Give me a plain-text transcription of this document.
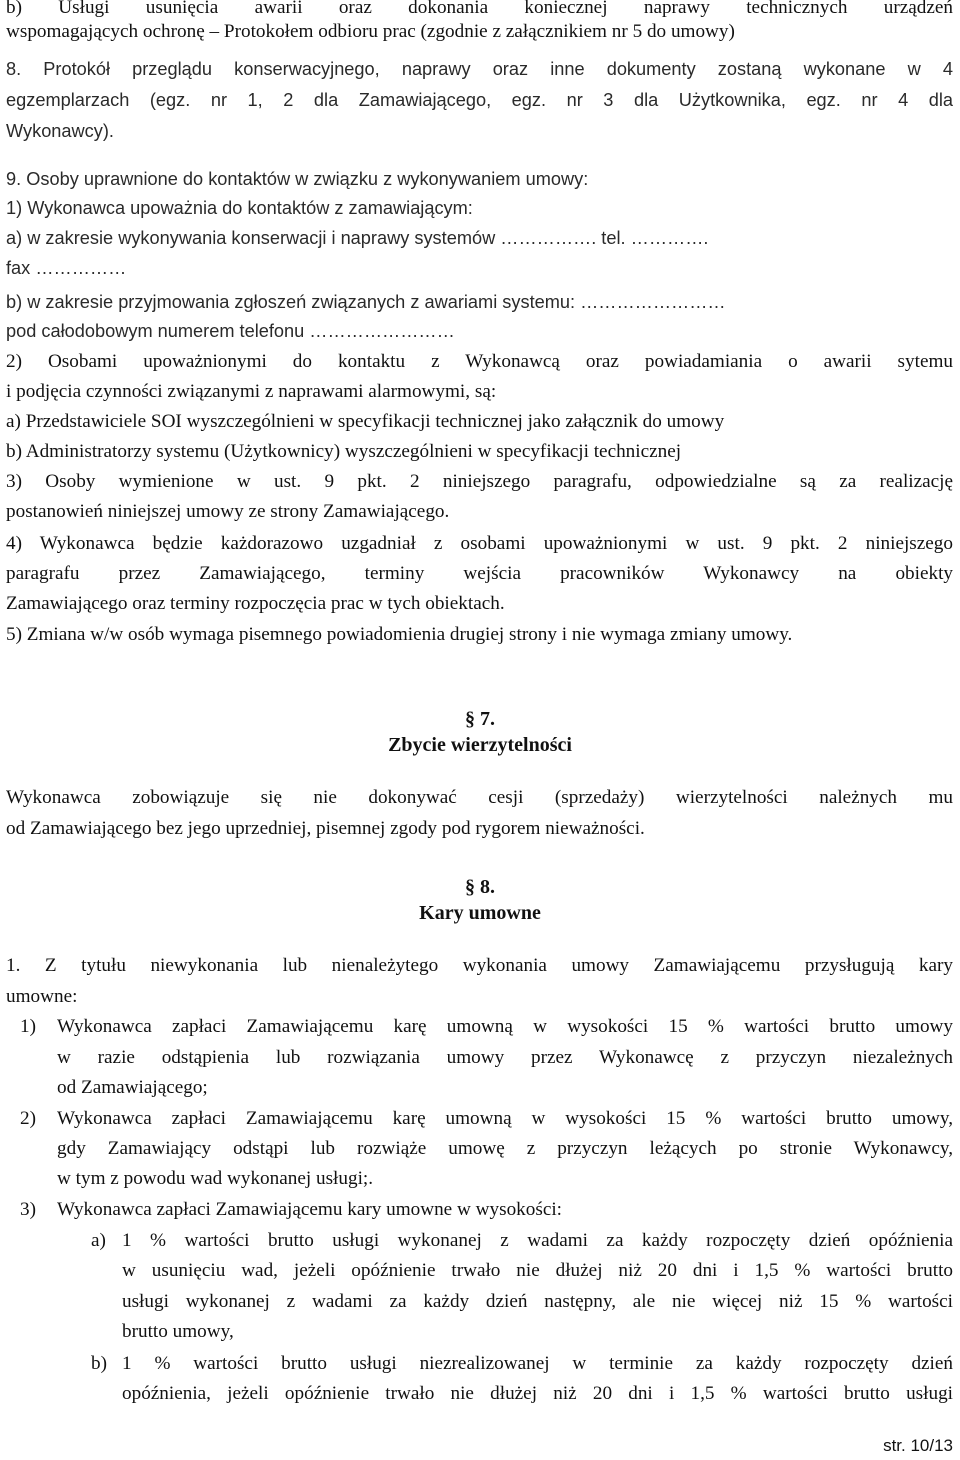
b) Usługi usunięcia awarii oraz dokonania koniecznej naprawy technicznych urządzeń
wspomagających ochronę – Protokołem odbioru prac (zgodnie z załącznikiem nr 5 do umowy)
8. Protokół przeglądu konserwacyjnego, naprawy oraz inne dokumenty zostaną wykonane w 4
egzemplarzach (egz. nr 1, 2 dla Zamawiającego, egz. nr 3 dla Użytkownika, egz. nr 4 dla
Wykonawcy).
9. Osoby uprawnione do kontaktów w związku z wykonywaniem umowy:
1) Wykonawca upoważnia do kontaktów z zamawiającym:
a) w zakresie wykonywania konserwacji i naprawy systemów ……………. tel. ………….
fax ……………
b) w zakresie przyjmowania zgłoszeń związanych z awariami systemu: ……………………
pod całodobowym numerem telefonu ……………………
2) Osobami upoważnionymi do kontaktu z Wykonawcą oraz powiadamiania o awarii sytemu
i podjęcia czynności związanymi z naprawami alarmowymi, są:
a) Przedstawiciele SOI wyszczególnieni w specyfikacji technicznej jako załącznik do umowy
b) Administratorzy systemu (Użytkownicy) wyszczególnieni w specyfikacji technicznej
3) Osoby wymienione w ust. 9 pkt. 2 niniejszego paragrafu, odpowiedzialne są za realizację
postanowień niniejszej umowy ze strony Zamawiającego.
4) Wykonawca będzie każdorazowo uzgadniał z osobami upoważnionymi w ust. 9 pkt. 2 niniejszego
paragrafu przez Zamawiającego, terminy wejścia pracowników Wykonawcy na obiekty
Zamawiającego oraz terminy rozpoczęcia prac w tych obiektach.
5) Zmiana w/w osób wymaga pisemnego powiadomienia drugiej strony i nie wymaga zmiany umowy.
§ 7.
Zbycie wierzytelności
Wykonawca zobowiązuje się nie dokonywać cesji (sprzedaży) wierzytelności należnych mu
od Zamawiającego bez jego uprzedniej, pisemnej zgody pod rygorem nieważności.
§ 8.
Kary umowne
1. Z tytułu niewykonania lub nienależytego wykonania umowy Zamawiającemu przysługują kary
umowne:
1) Wykonawca zapłaci Zamawiającemu karę umowną w wysokości 15 % wartości brutto umowy
w razie odstąpienia lub rozwiązania umowy przez Wykonawcę z przyczyn niezależnych
od Zamawiającego;
2) Wykonawca zapłaci Zamawiającemu karę umowną w wysokości 15 % wartości brutto umowy,
gdy Zamawiający odstąpi lub rozwiąże umowę z przyczyn leżących po stronie Wykonawcy,
w tym z powodu wad wykonanej usługi;.
3) Wykonawca zapłaci Zamawiającemu kary umowne w wysokości:
a) 1 % wartości brutto usługi wykonanej z wadami za każdy rozpoczęty dzień opóźnienia
w usunięciu wad, jeżeli opóźnienie trwało nie dłużej niż 20 dni i 1,5 % wartości brutto
usługi wykonanej z wadami za każdy dzień następny, ale nie więcej niż 15 % wartości
brutto umowy,
b) 1 % wartości brutto usługi niezrealizowanej w terminie za każdy rozpoczęty dzień
opóźnienia, jeżeli opóźnienie trwało nie dłużej niż 20 dni i 1,5 % wartości brutto usługi
str. 10/13
